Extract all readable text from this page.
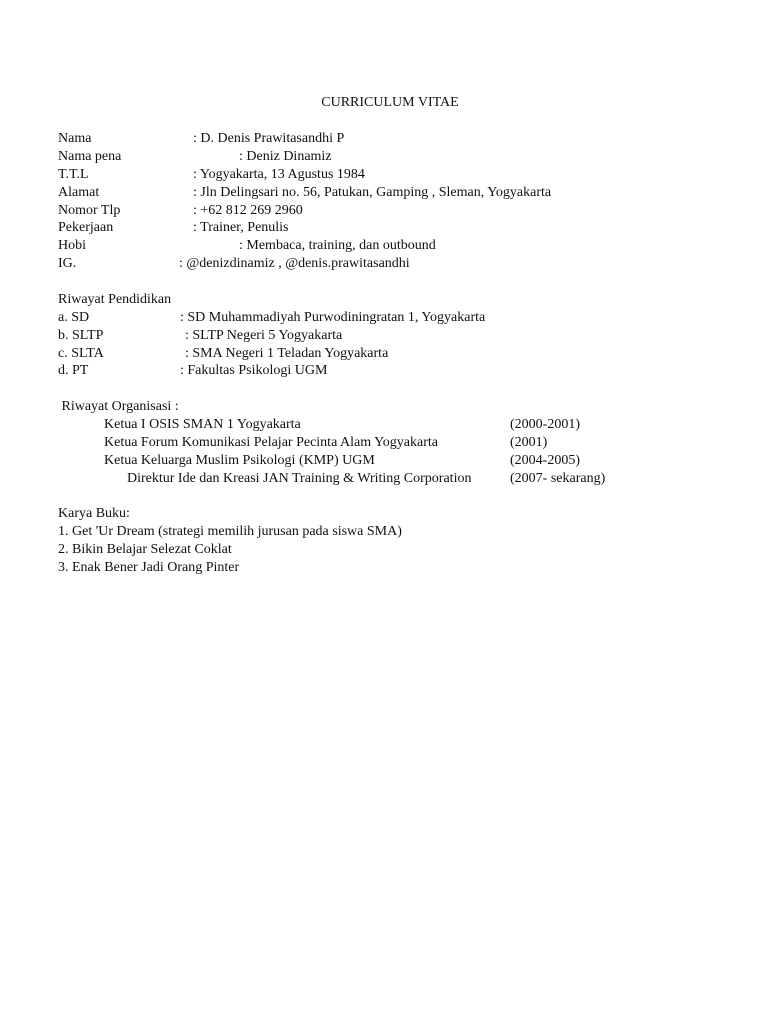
CURRICULUM VITAE
Nama	: D. Denis Prawitasandhi P
Nama pena	: Deniz Dinamiz
T.T.L	: Yogyakarta, 13 Agustus 1984
Alamat	: Jln Delingsari no. 56, Patukan, Gamping , Sleman, Yogyakarta
Nomor Tlp	: +62 812 269 2960
Pekerjaan	: Trainer, Penulis
Hobi	: Membaca, training, dan outbound
IG.	: @denizdinamiz , @denis.prawitasandhi
Riwayat Pendidikan
a. SD	: SD Muhammadiyah Purwodiningratan 1, Yogyakarta
b. SLTP	: SLTP Negeri 5 Yogyakarta
c. SLTA	: SMA Negeri 1 Teladan Yogyakarta
d. PT	: Fakultas Psikologi UGM
Riwayat Organisasi :
Ketua I OSIS SMAN 1 Yogyakarta	(2000-2001)
Ketua Forum Komunikasi Pelajar Pecinta Alam Yogyakarta	(2001)
Ketua Keluarga Muslim Psikologi (KMP) UGM	(2004-2005)
Direktur Ide dan Kreasi JAN Training & Writing Corporation	(2007- sekarang)
Karya Buku:
1. Get 'Ur Dream (strategi memilih jurusan pada siswa SMA)
2. Bikin Belajar Selezat Coklat
3. Enak Bener Jadi Orang Pinter
